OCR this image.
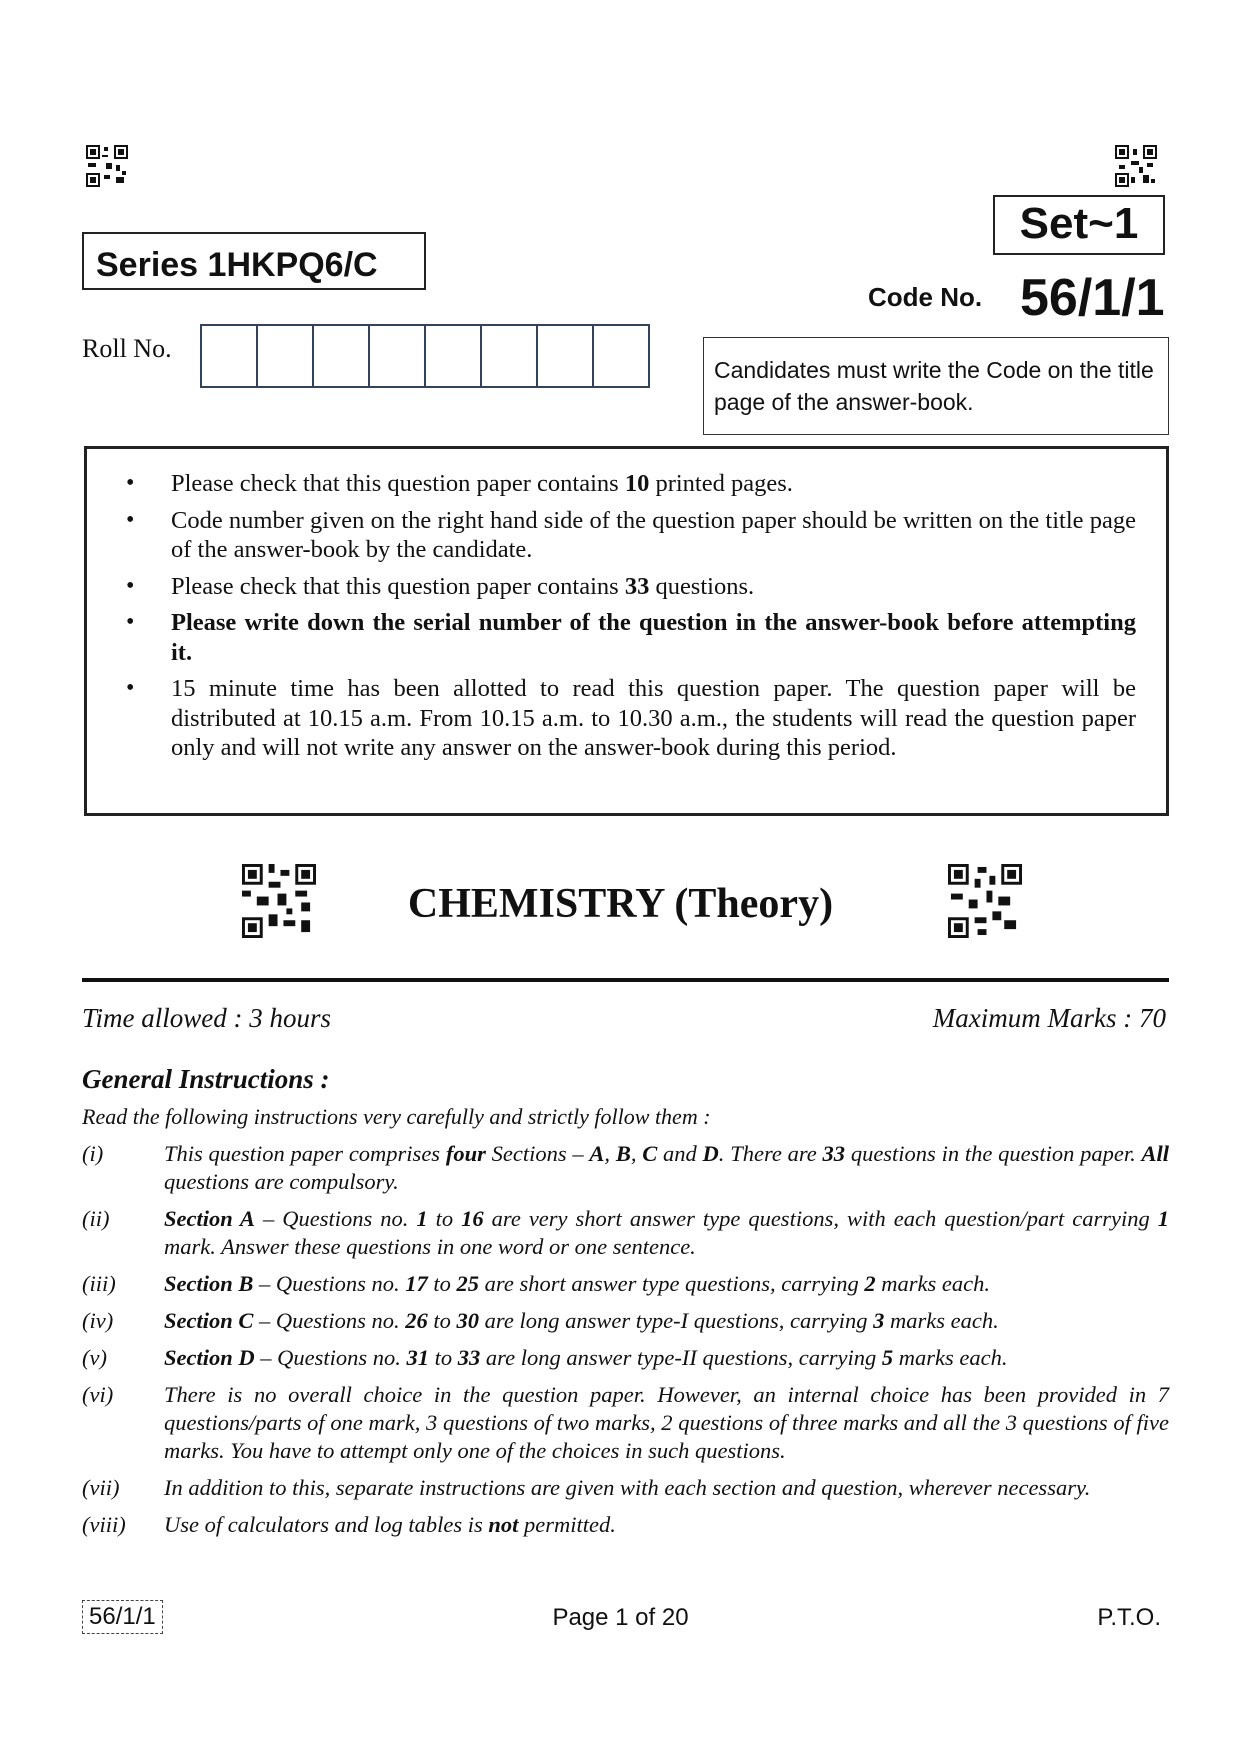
Series 1HKPQ6/C
Set~1
Code No. 56/1/1
Roll No.
Candidates must write the Code on the title page of the answer-book.
• Please check that this question paper contains 10 printed pages.
• Code number given on the right hand side of the question paper should be written on the title page of the answer-book by the candidate.
• Please check that this question paper contains 33 questions.
• Please write down the serial number of the question in the answer-book before attempting it.
• 15 minute time has been allotted to read this question paper. The question paper will be distributed at 10.15 a.m. From 10.15 a.m. to 10.30 a.m., the students will read the question paper only and will not write any answer on the answer-book during this period.
CHEMISTRY (Theory)
Time allowed : 3 hours	Maximum Marks : 70
General Instructions :
Read the following instructions very carefully and strictly follow them :
(i)	This question paper comprises four Sections – A, B, C and D. There are 33 questions in the question paper. All questions are compulsory.
(ii)	Section A – Questions no. 1 to 16 are very short answer type questions, with each question/part carrying 1 mark. Answer these questions in one word or one sentence.
(iii)	Section B – Questions no. 17 to 25 are short answer type questions, carrying 2 marks each.
(iv)	Section C – Questions no. 26 to 30 are long answer type-I questions, carrying 3 marks each.
(v)	Section D – Questions no. 31 to 33 are long answer type-II questions, carrying 5 marks each.
(vi)	There is no overall choice in the question paper. However, an internal choice has been provided in 7 questions/parts of one mark, 3 questions of two marks, 2 questions of three marks and all the 3 questions of five marks. You have to attempt only one of the choices in such questions.
(vii)	In addition to this, separate instructions are given with each section and question, wherever necessary.
(viii)	Use of calculators and log tables is not permitted.
56/1/1	Page 1 of 20	P.T.O.
